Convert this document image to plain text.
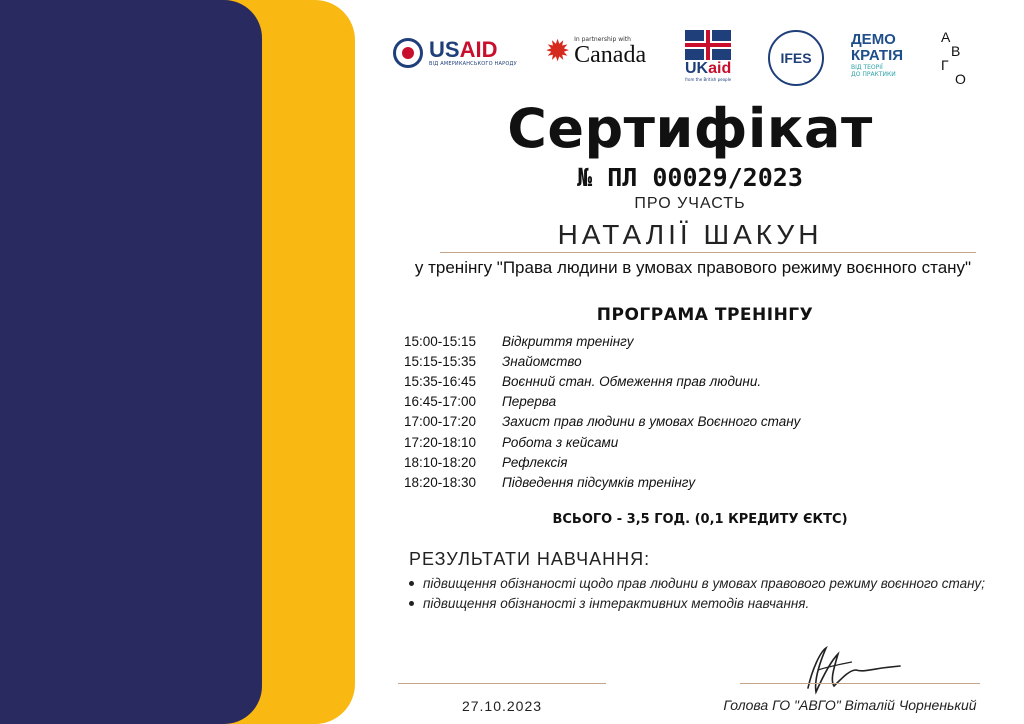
USAID
ВІД АМЕРИКАНСЬКОГО НАРОДУ ✹ In partnership with
Canada
UKaid
from the British people
IFES
ДЕМО
КРАТІЯ
ВІД ТЕОРІЇ
ДО ПРАКТИКИ
А
В
Г
О
Сертифікат
№ ПЛ 00029/2023
ПРО УЧАСТЬ
НАТАЛІЇ ШАКУН
у тренінгу "Права людини в умовах правового режиму воєнного стану"
ПРОГРАМА ТРЕНІНГУ
15:00-15:15	Відкриття тренінгу
15:15-15:35	Знайомство
15:35-16:45	Воєнний стан. Обмеження прав людини.
16:45-17:00	Перерва
17:00-17:20	Захист прав людини в умовах Воєнного стану
17:20-18:10	Робота з кейсами
18:10-18:20	Рефлексія
18:20-18:30	Підведення підсумків тренінгу
ВСЬОГО - 3,5 ГОД. (0,1 КРЕДИТУ ЄКТС)
РЕЗУЛЬТАТИ НАВЧАННЯ:
підвищення обізнаності щодо прав людини в умовах правового режиму воєнного стану;
підвищення обізнаності з інтерактивних методів навчання.
27.10.2023	Голова ГО "АВГО" Віталій Чорненький
